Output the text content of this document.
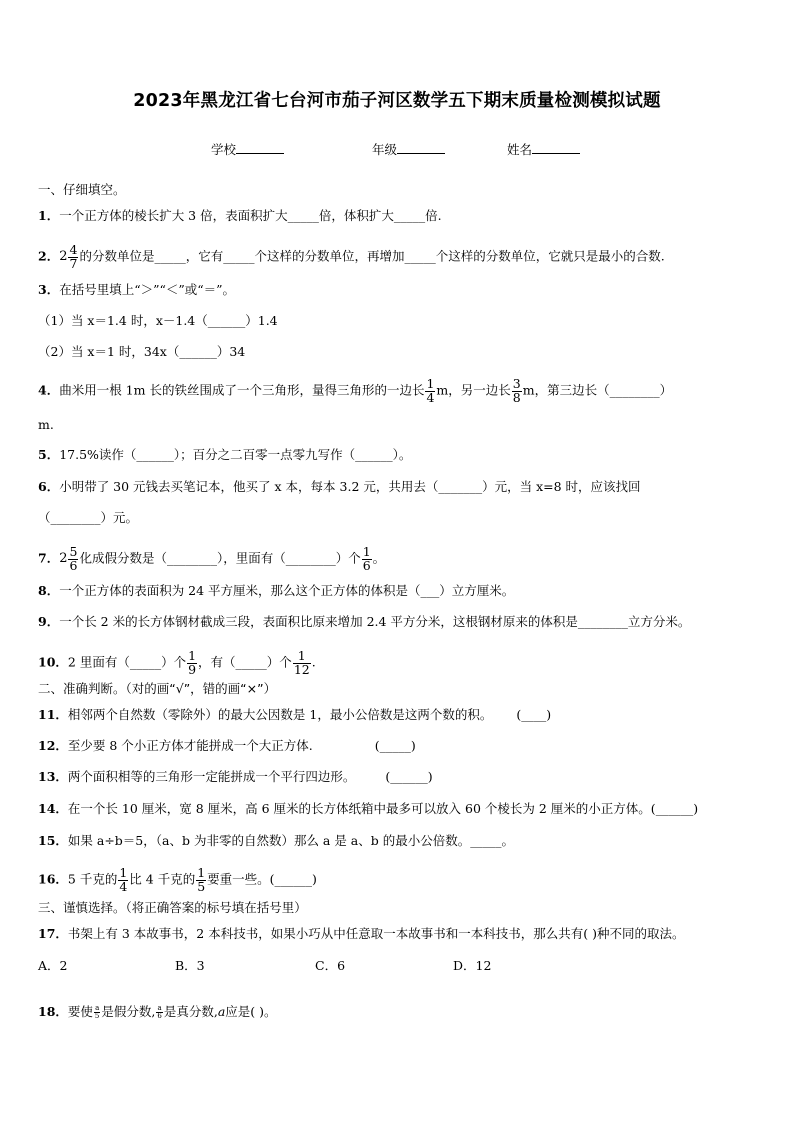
2023年黑龙江省七台河市茄子河区数学五下期末质量检测模拟试题
学校	年级	姓名
一、仔细填空。
1．一个正方体的棱长扩大 3 倍，表面积扩大_____倍，体积扩大_____倍.
2． $2 \frac{4}{7}$ 的分数单位是_____，它有_____个这样的分数单位，再增加_____个这样的分数单位，它就只是最小的合数.
3．在括号里填上“＞”“＜”或“＝”。
（1）当 x＝1.4 时，x－1.4（______）1.4
（2）当 x＝1 时，34x（______）34
4．曲米用一根 1m 长的铁丝围成了一个三角形，量得三角形的一边长 $\frac{1}{4}$ m，另一边长 $\frac{3}{8}$ m，第三边长（________）
m.
5．17.5%读作（______）；百分之二百零一点零九写作（______）。
6．小明带了 30 元钱去买笔记本，他买了 x 本，每本 3.2 元，共用去（_______）元，当 x=8 时，应该找回
（________）元。
7． $2 \frac{5}{6}$ 化成假分数是（________），里面有（________）个 $\frac{1}{6}$ 。
8．一个正方体的表面积为 24 平方厘米，那么这个正方体的体积是（___）立方厘米。
9．一个长 2 米的长方体钢材截成三段，表面积比原来增加 2.4 平方分米，这根钢材原来的体积是________立方分米。
10．2 里面有（_____）个 $\frac{1}{9}$ ，有（_____）个 $\frac{1}{12}$ .
二、准确判断。（对的画“√”，错的画“×”）
11．相邻两个自然数（零除外）的最大公因数是 1，最小公倍数是这两个数的积。 (____)
12．至少要 8 个小正方体才能拼成一个大正方体.	(_____)
13．两个面积相等的三角形一定能拼成一个平行四边形。 (______)
14．在一个长 10 厘米，宽 8 厘米，高 6 厘米的长方体纸箱中最多可以放入 60 个棱长为 2 厘米的小正方体。(______)
15．如果 a÷b＝5，（a、b 为非零的自然数）那么 a 是 a、b 的最小公倍数。_____。
16．5 千克的 $\frac{1}{4}$ 比 4 千克的 $\frac{1}{5}$ 要重一些。(______)
三、谨慎选择。（将正确答案的标号填在括号里）
17．书架上有 3 本故事书，2 本科技书，如果小巧从中任意取一本故事书和一本科技书，那么共有( )种不同的取法。
A．2	B．3	C．6	D．12
18．要使 $\frac{a}{5}$ 是假分数, $\frac{a}{6}$ 是真分数,a应是( )。
